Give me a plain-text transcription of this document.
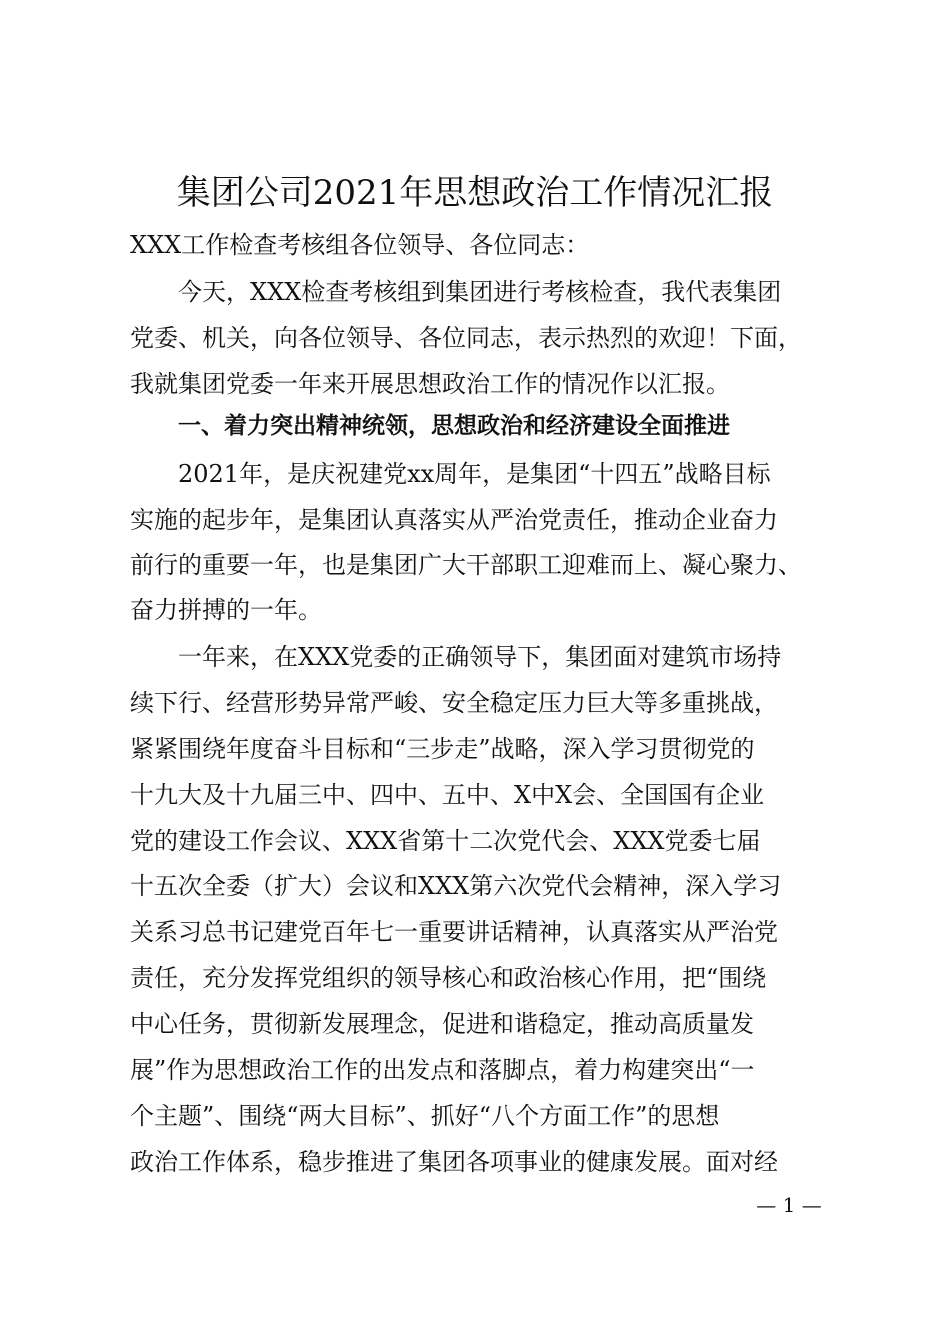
集团公司2021年思想政治工作情况汇报

XXX工作检查考核组各位领导、各位同志：

今天，XXX检查考核组到集团进行考核检查，我代表集团

党委、机关，向各位领导、各位同志，表示热烈的欢迎！下面，

我就集团党委一年来开展思想政治工作的情况作以汇报。

一、着力突出精神统领，思想政治和经济建设全面推进

2021年，是庆祝建党xx周年，是集团“十四五”战略目标

实施的起步年，是集团认真落实从严治党责任，推动企业奋力

前行的重要一年，也是集团广大干部职工迎难而上、凝心聚力、

奋力拼搏的一年。

一年来，在XXX党委的正确领导下，集团面对建筑市场持

续下行、经营形势异常严峻、安全稳定压力巨大等多重挑战，

紧紧围绕年度奋斗目标和“三步走”战略，深入学习贯彻党的

十九大及十九届三中、四中、五中、X中X会、全国国有企业

党的建设工作会议、XXX省第十二次党代会、XXX党委七届

十五次全委（扩大）会议和XXX第六次党代会精神，深入学习

关系习总书记建党百年七一重要讲话精神，认真落实从严治党

责任，充分发挥党组织的领导核心和政治核心作用，把“围绕

中心任务，贯彻新发展理念，促进和谐稳定，推动高质量发

展”作为思想政治工作的出发点和落脚点，着力构建突出“一

个主题”、围绕“两大目标”、抓好“八个方面工作”的思想

政治工作体系，稳步推进了集团各项事业的健康发展。面对经

— 1 —
